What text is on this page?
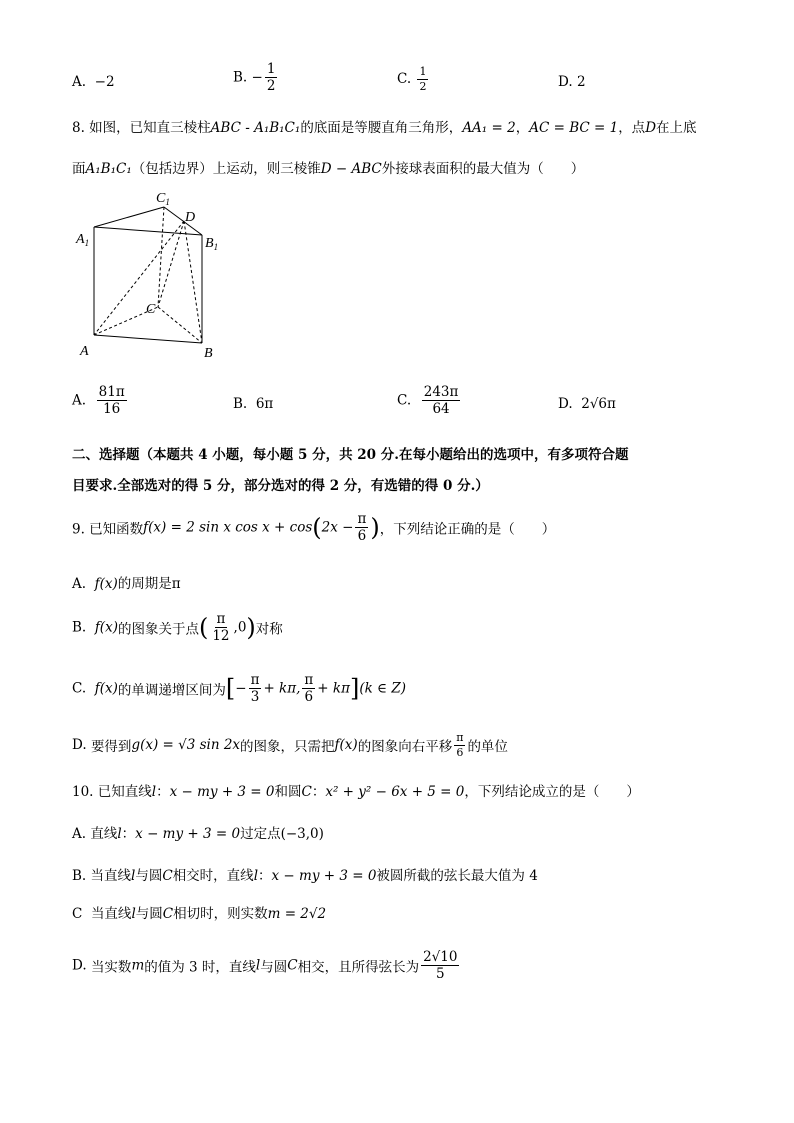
A. −2	B. − $\frac{1}{2}$	C. $\frac{1}{2}$	D. 2
8. 如图，已知直三棱柱ABC - A₁B₁C₁的底面是等腰直角三角形，AA₁ = 2，AC = BC = 1，点D在上底
面A₁B₁C₁（包括边界）上运动，则三棱锥D − ABC外接球表面积的最大值为（　　）
$C_1$
D
$A_1$	$B_1$
C
A	B
A. $\frac{81\pi}{16}$	B. 6π	C. $\frac{243\pi}{64}$	D. 2√6π
二、选择题（本题共 4 小题，每小题 5 分，共 20 分.在每小题给出的选项中，有多项符合题
目要求.全部选对的得 5 分，部分选对的得 2 分，有选错的得 0 分.）
9. 已知函数f(x) = 2 sin x $\cos x + \cos(2x - \frac{\pi}{6}$ )，下列结论正确的是（　　）
A. f(x)的周期是π
B. f(x)的图象关于点( $\frac{\pi}{12} ,0$)对称
C. f(x)的单调递增区间为[− $\frac{\pi}{3} + k\pi$, $\frac{\pi}{6} + k\pi](k$ ∈ Z)
D. 要得到g(x) = √3 sin 2x的图象，只需把f(x)的图象向右平移 $\frac{\pi}{6}$ 的单位
10. 已知直线l：x − my + 3 = 0和圆C：x² + y² − 6x + 5 = 0，下列结论成立的是（　　）
A. 直线l：x − my + 3 = 0过定点(−3,0)
B. 当直线l与圆C相交时，直线l：x − my + 3 = 0被圆所截的弦长最大值为 4
C 当直线l与圆C相切时，则实数m = 2√2
D. 当实数m的值为 3 时，直线l与圆C相交，且所得弦长为 $\frac{2√10}{5}$
